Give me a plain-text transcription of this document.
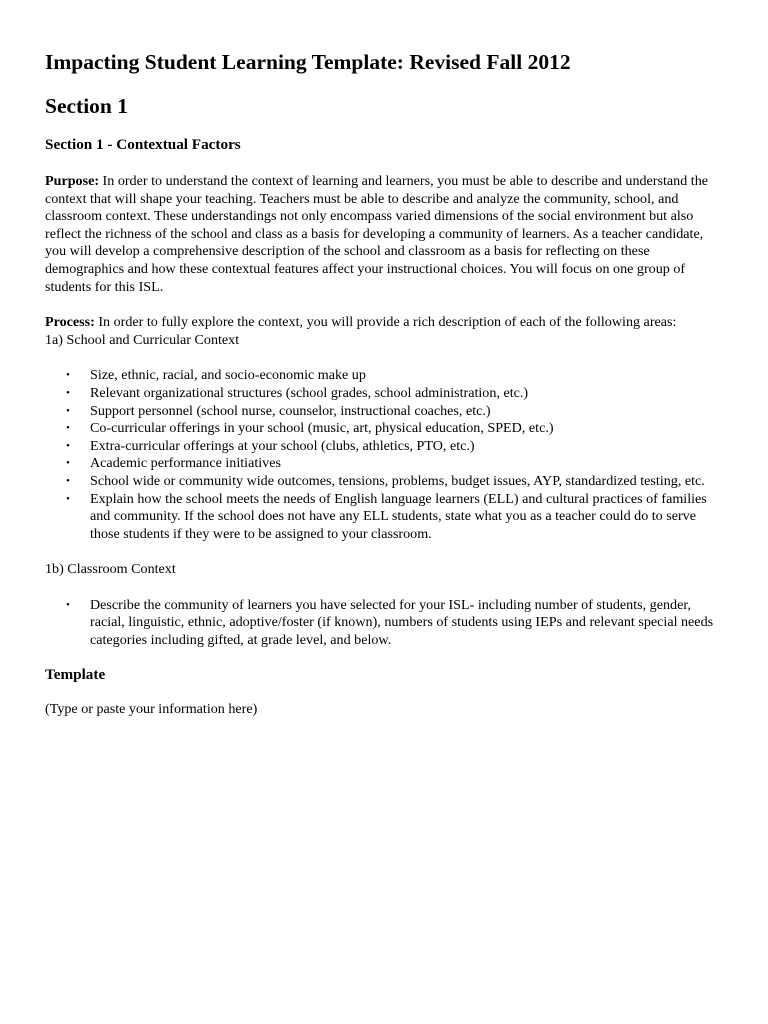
Impacting Student Learning Template: Revised Fall 2012
Section 1
Section 1 - Contextual Factors

Purpose: In order to understand the context of learning and learners, you must be able to describe and understand the context that will shape your teaching. Teachers must be able to describe and analyze the community, school, and classroom context. These understandings not only encompass varied dimensions of the social environment but also reflect the richness of the school and class as a basis for developing a community of learners. As a teacher candidate, you will develop a comprehensive description of the school and classroom as a basis for reflecting on these demographics and how these contextual features affect your instructional choices. You will focus on one group of students for this ISL.

Process: In order to fully explore the context, you will provide a rich description of each of the following areas:

1a) School and Curricular Context

• Size, ethnic, racial, and socio-economic make up
• Relevant organizational structures (school grades, school administration, etc.)
• Support personnel (school nurse, counselor, instructional coaches, etc.)
• Co-curricular offerings in your school (music, art, physical education, SPED, etc.)
• Extra-curricular offerings at your school (clubs, athletics, PTO, etc.)
• Academic performance initiatives
• School wide or community wide outcomes, tensions, problems, budget issues, AYP, standardized testing, etc.
• Explain how the school meets the needs of English language learners (ELL) and cultural practices of families and community. If the school does not have any ELL students, state what you as a teacher could do to serve those students if they were to be assigned to your classroom.

1b) Classroom Context

• Describe the community of learners you have selected for your ISL- including number of students, gender, racial, linguistic, ethnic, adoptive/foster (if known), numbers of students using IEPs and relevant special needs categories including gifted, at grade level, and below.
Template

(Type or paste your information here)
